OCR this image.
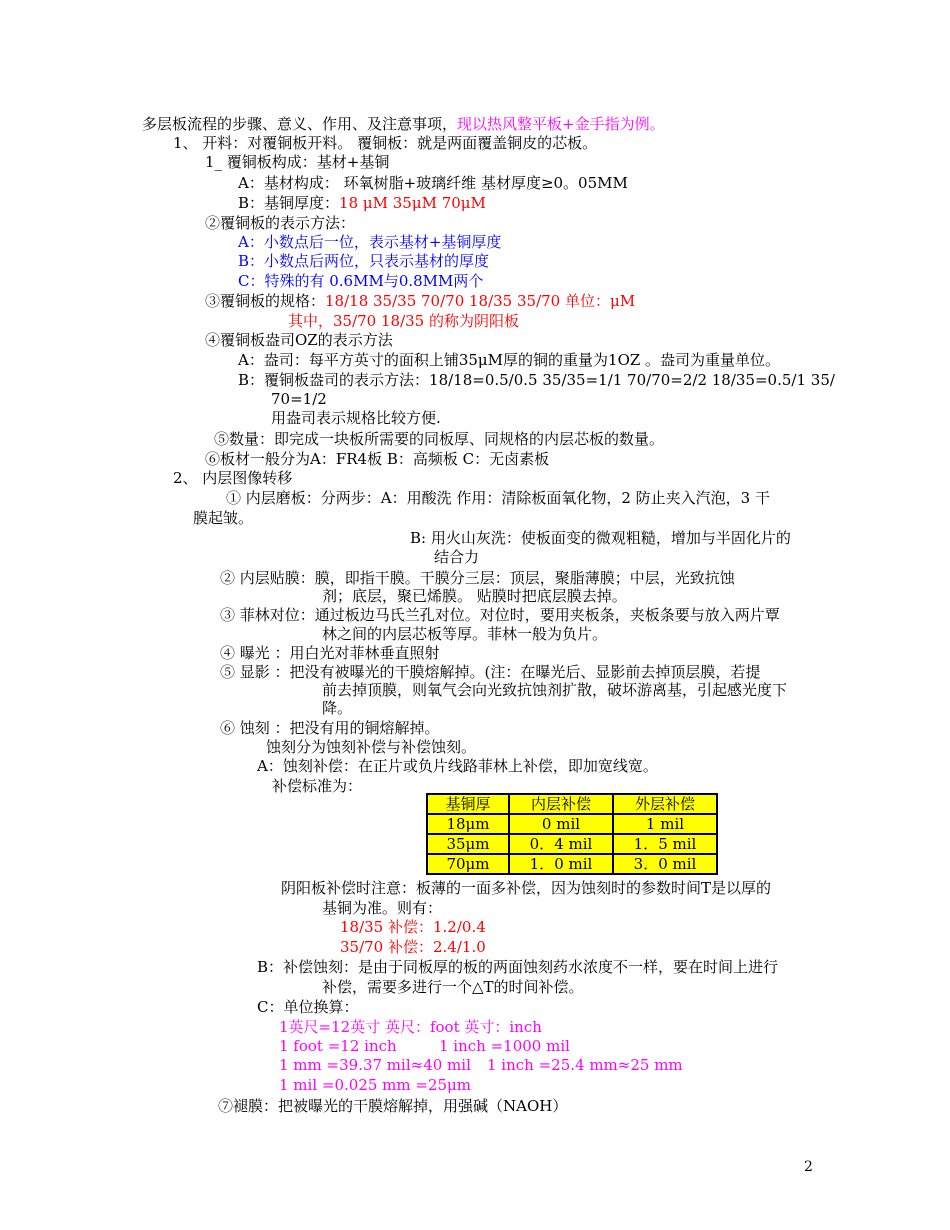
多层板流程的步骤、意义、作用、及注意事项，现以热风整平板+金手指为例。
1、 开料：对覆铜板开料。 覆铜板：就是两面覆盖铜皮的芯板。
1_ 覆铜板构成：基材+基铜
A：基材构成： 环氧树脂+玻璃纤维 基材厚度≥0。05MM
B：基铜厚度：18 μM 35μM 70μM
②覆铜板的表示方法：
A：小数点后一位，表示基材+基铜厚度
B：小数点后两位，只表示基材的厚度
C：特殊的有 0.6MM与0.8MM两个
③覆铜板的规格：18/18 35/35 70/70 18/35 35/70 单位：μM
其中，35/70 18/35 的称为阴阳板
④覆铜板盎司OZ的表示方法
A：盎司：每平方英寸的面积上铺35μM厚的铜的重量为1OZ 。盎司为重量单位。
B：覆铜板盎司的表示方法：18/18=0.5/0.5 35/35=1/1 70/70=2/2 18/35=0.5/1 35/
70=1/2
用盎司表示规格比较方便.
⑤数量：即完成一块板所需要的同板厚、同规格的内层芯板的数量。
⑥板材一般分为A：FR4板 B：高频板 C：无卤素板
2、 内层图像转移
① 内层磨板：分两步：A：用酸洗 作用：清除板面氧化物，2 防止夹入汽泡，3 干
膜起皱。
B: 用火山灰洗：使板面变的微观粗糙，增加与半固化片的
结合力
② 内层贴膜：膜，即指干膜。干膜分三层：顶层，聚脂薄膜；中层，光致抗蚀
剂；底层，聚已烯膜。 贴膜时把底层膜去掉。
③ 菲林对位：通过板边马氏兰孔对位。对位时，要用夹板条，夹板条要与放入两片覃
林之间的内层芯板等厚。菲林一般为负片。
④ 曝光 ：用白光对菲林垂直照射
⑤ 显影 ：把没有被曝光的干膜熔解掉。(注：在曝光后、显影前去掉顶层膜，若提
前去掉顶膜，则氧气会向光致抗蚀剂扩散，破坏游离基，引起感光度下
降。
⑥ 蚀刻 ：把没有用的铜熔解掉。
蚀刻分为蚀刻补偿与补偿蚀刻。
A：蚀刻补偿：在正片或负片线路菲林上补偿，即加宽线宽。
补偿标准为：
基铜厚	内层补偿	外层补偿
18μm	0 mil	1 mil
35μm	0．4 mil	1．5 mil
70μm	1．0 mil	3．0 mil
阴阳板补偿时注意：板薄的一面多补偿，因为蚀刻时的参数时间T是以厚的
基铜为准。则有：
18/35 补偿：1.2/0.4
35/70 补偿：2.4/1.0
B：补偿蚀刻：是由于同板厚的板的两面蚀刻药水浓度不一样，要在时间上进行
补偿，需要多进行一个△T的时间补偿。
C：单位换算：
1英尺=12英寸 英尺：foot 英寸：inch
1 foot =12 inch	1 inch =1000 mil
1 mm =39.37 mil≈40 mil 1 inch =25.4 mm≈25 mm
1 mil =0.025 mm =25μm
⑦褪膜：把被曝光的干膜熔解掉，用强碱（NAOH）
2
